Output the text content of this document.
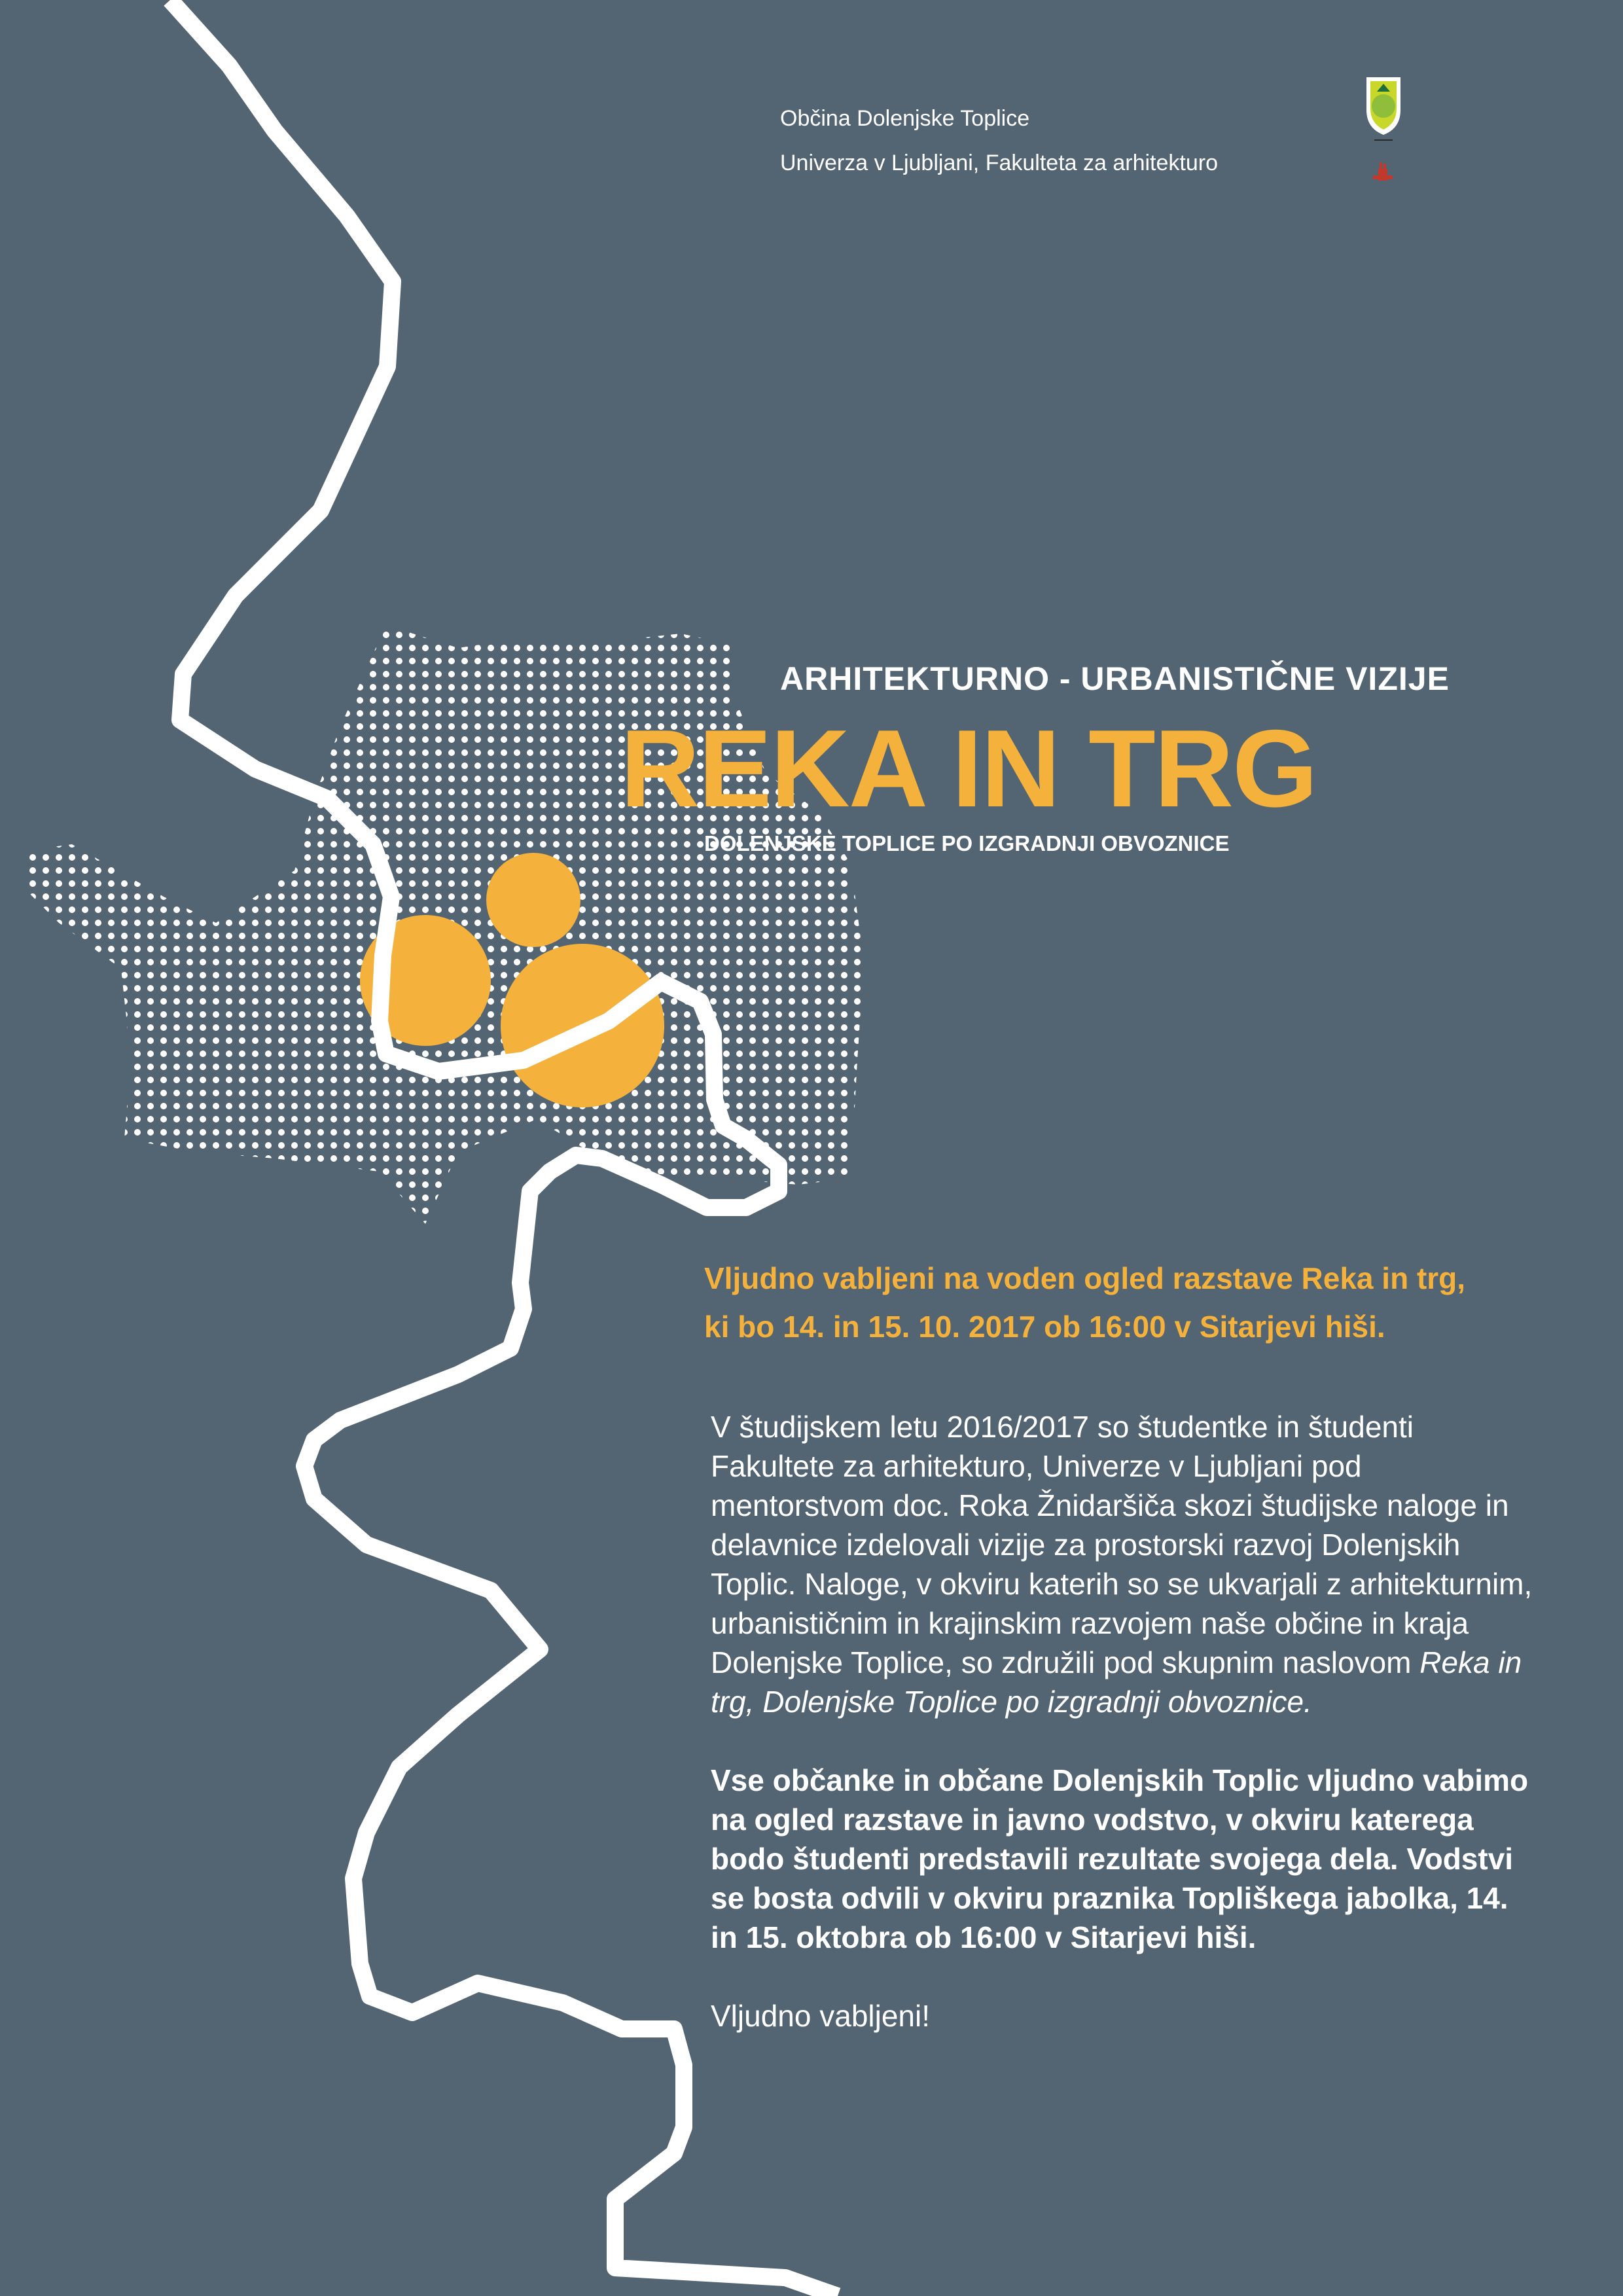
Občina Dolenjske Toplice
Univerza v Ljubljani, Fakulteta za arhitekturo
ARHITEKTURNO - URBANISTIČNE VIZIJE
REKA IN TRG
DOLENJSKE TOPLICE PO IZGRADNJI OBVOZNICE
Vljudno vabljeni na voden ogled razstave Reka in trg,
ki bo 14. in 15. 10. 2017 ob 16:00 v Sitarjevi hiši.

V študijskem letu 2016/2017 so študentke in študenti Fakultete za arhitekturo, Univerze v Ljubljani pod mentorstvom doc. Roka Žnidaršiča skozi študijske naloge in delavnice izdelovali vizije za prostorski razvoj Dolenjskih Toplic. Naloge, v okviru katerih so se ukvarjali z arhitekturnim, urbanističnim in krajinskim razvojem naše občine in kraja Dolenjske Toplice, so združili pod skupnim naslovom Reka in trg, Dolenjske Toplice po izgradnji obvoznice.

Vse občanke in občane Dolenjskih Toplic vljudno vabimo na ogled razstave in javno vodstvo, v okviru katerega bodo študenti predstavili rezultate svojega dela. Vodstvi se bosta odvili v okviru praznika Topliškega jabolka, 14. in 15. oktobra ob 16:00 v Sitarjevi hiši.

Vljudno vabljeni!
